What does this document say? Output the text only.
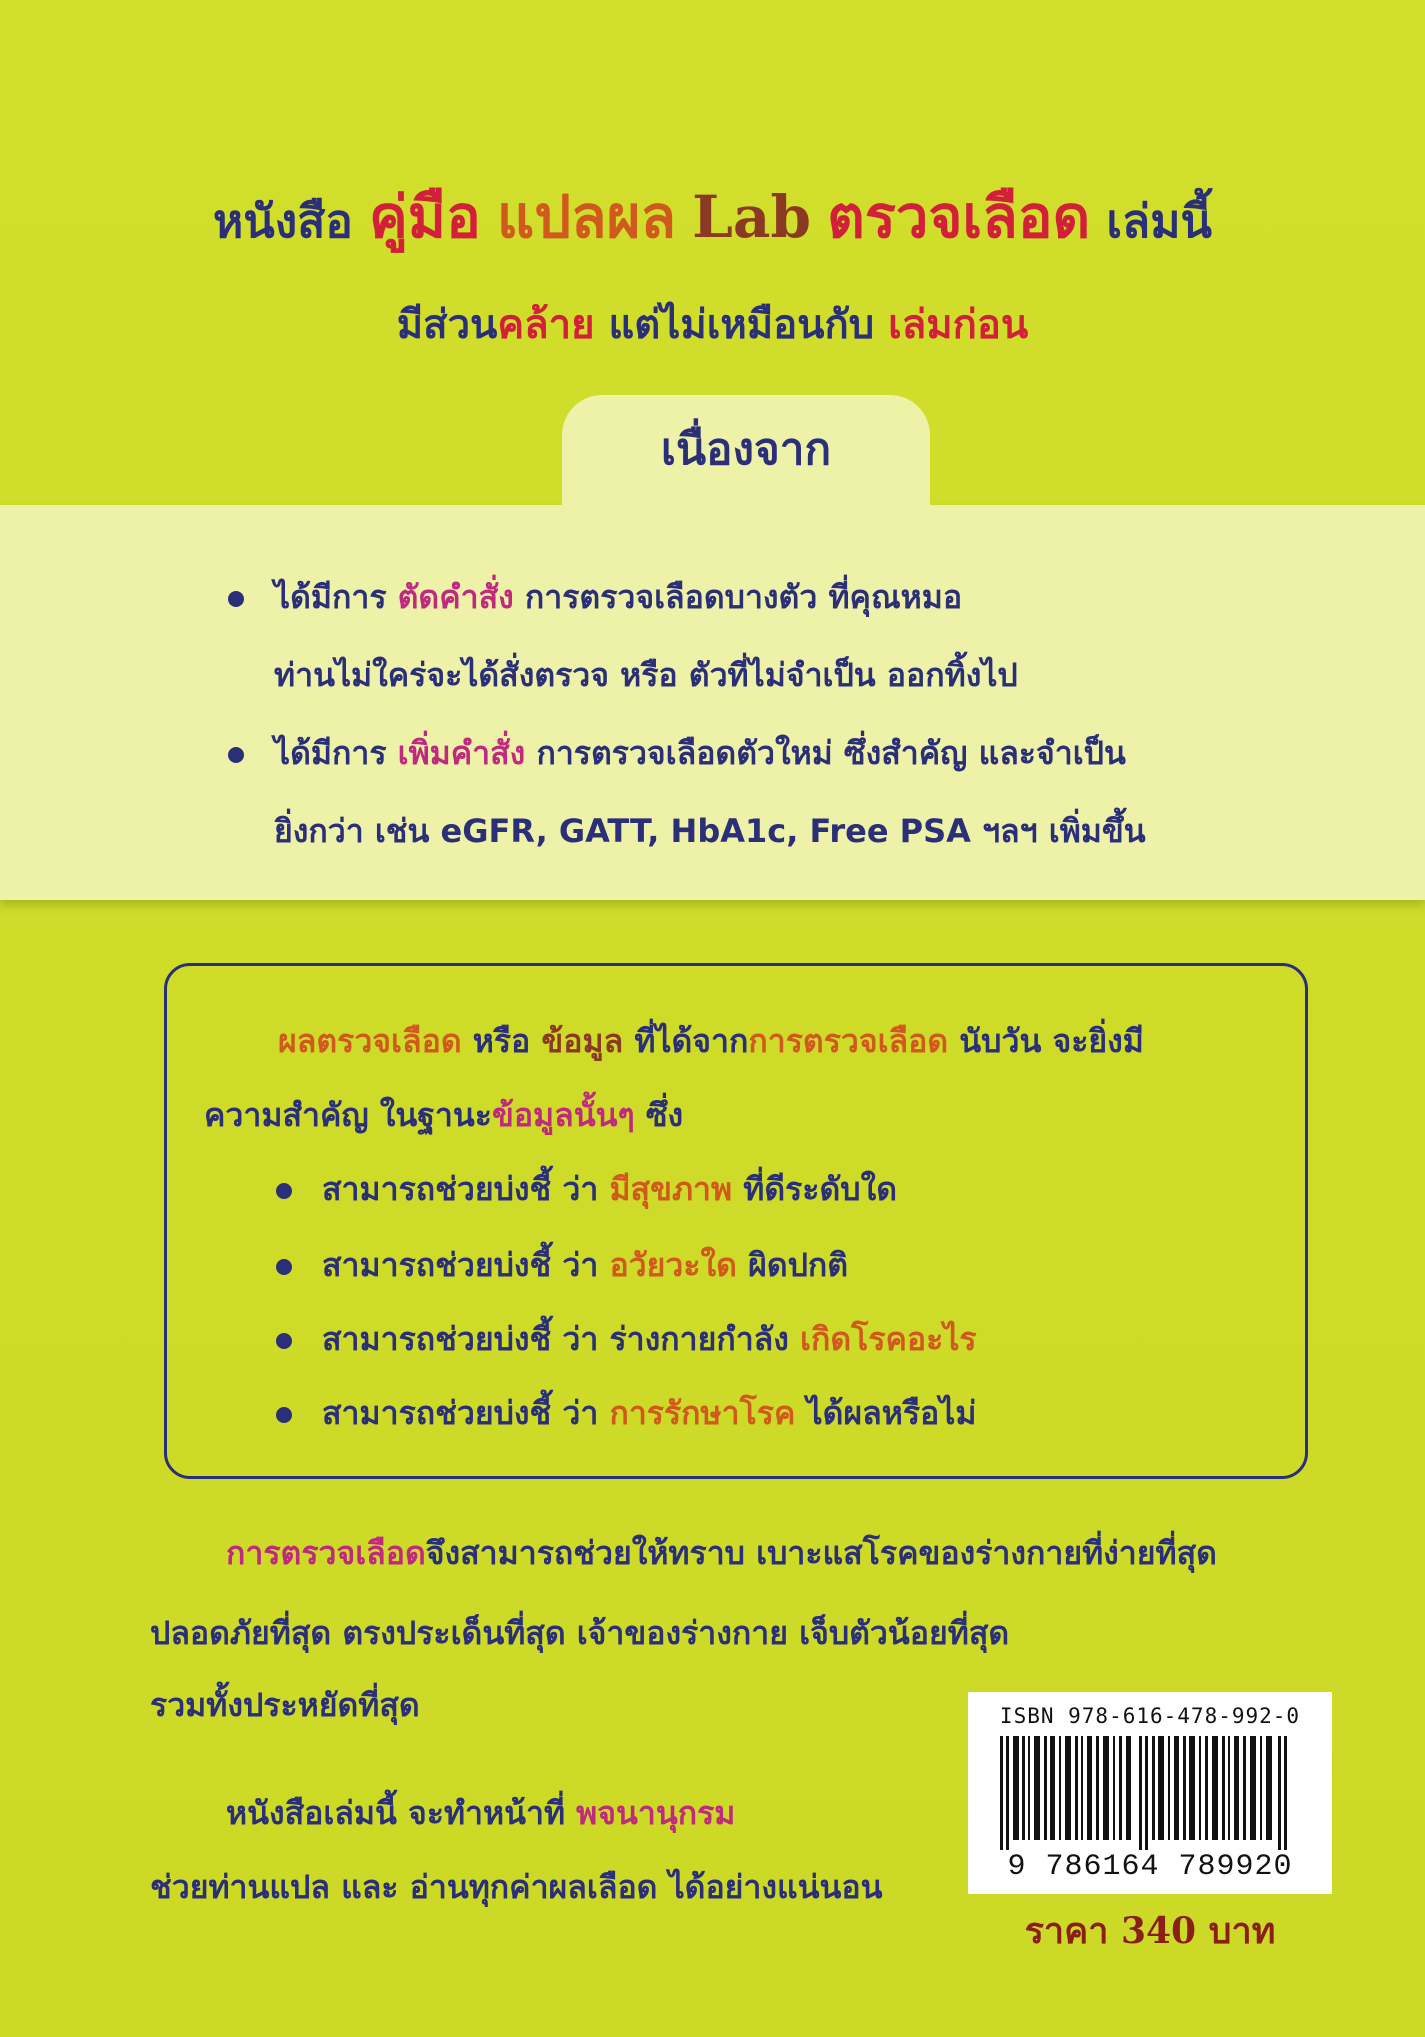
หนังสือ คู่มือ แปลผล Lab ตรวจเลือด เล่มนี้
มีส่วนคล้าย แต่ไม่เหมือนกับ เล่มก่อน
เนื่องจาก
ได้มีการ ตัดคำสั่ง การตรวจเลือดบางตัว ที่คุณหมอ
ท่านไม่ใคร่จะได้สั่งตรวจ หรือ ตัวที่ไม่จำเป็น ออกทิ้งไป
ได้มีการ เพิ่มคำสั่ง การตรวจเลือดตัวใหม่ ซึ่งสำคัญ และจำเป็น
ยิ่งกว่า เช่น eGFR, GATT, HbA1c, Free PSA ฯลฯ เพิ่มขึ้น
ผลตรวจเลือด หรือ ข้อมูล ที่ได้จากการตรวจเลือด นับวัน จะยิ่งมี
ความสำคัญ ในฐานะข้อมูลนั้นๆ ซึ่ง
สามารถช่วยบ่งชี้ ว่า มีสุขภาพ ที่ดีระดับใด
สามารถช่วยบ่งชี้ ว่า อวัยวะใด ผิดปกติ
สามารถช่วยบ่งชี้ ว่า ร่างกายกำลัง เกิดโรคอะไร
สามารถช่วยบ่งชี้ ว่า การรักษาโรค ได้ผลหรือไม่
การตรวจเลือดจึงสามารถช่วยให้ทราบ เบาะแสโรคของร่างกายที่ง่ายที่สุด
ปลอดภัยที่สุด ตรงประเด็นที่สุด เจ้าของร่างกาย เจ็บตัวน้อยที่สุด
รวมทั้งประหยัดที่สุด
หนังสือเล่มนี้ จะทำหน้าที่ พจนานุกรม
ช่วยท่านแปล และ อ่านทุกค่าผลเลือด ได้อย่างแน่นอน
ISBN 978-616-478-992-0
9 786164 789920
ราคา 340 บาท
